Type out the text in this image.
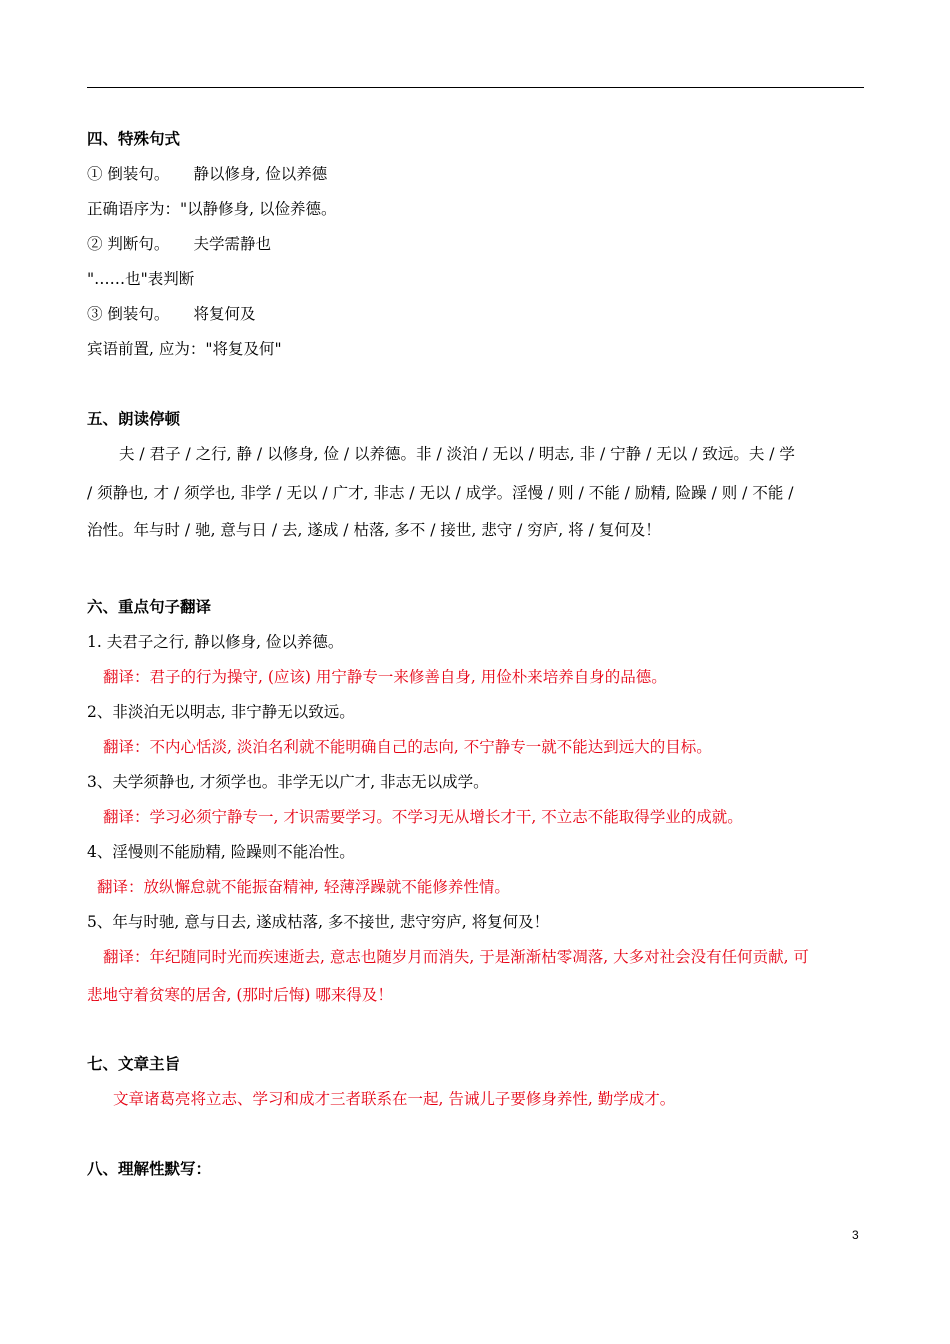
四、特殊句式
① 倒装句。 静以修身, 俭以养德
正确语序为："以静修身, 以俭养德。
② 判断句。 夫学需静也
"……也"表判断
③ 倒装句。 将复何及
宾语前置, 应为："将复及何"
五、朗读停顿
夫 / 君子 / 之行, 静 / 以修身, 俭 / 以养德。非 / 淡泊 / 无以 / 明志, 非 / 宁静 / 无以 / 致远。夫 / 学
/ 须静也, 才 / 须学也, 非学 / 无以 / 广才, 非志 / 无以 / 成学。淫慢 / 则 / 不能 / 励精, 险躁 / 则 / 不能 /
治性。年与时 / 驰, 意与日 / 去, 遂成 / 枯落, 多不 / 接世, 悲守 / 穷庐, 将 / 复何及！
六、重点句子翻译
1. 夫君子之行, 静以修身, 俭以养德。
翻译：君子的行为操守, (应该) 用宁静专一来修善自身, 用俭朴来培养自身的品德。
2、非淡泊无以明志, 非宁静无以致远。
翻译：不内心恬淡, 淡泊名利就不能明确自己的志向, 不宁静专一就不能达到远大的目标。
3、夫学须静也, 才须学也。非学无以广才, 非志无以成学。
翻译：学习必须宁静专一, 才识需要学习。不学习无从增长才干, 不立志不能取得学业的成就。
4、淫慢则不能励精, 险躁则不能冶性。
翻译：放纵懈怠就不能振奋精神, 轻薄浮躁就不能修养性情。
5、年与时驰, 意与日去, 遂成枯落, 多不接世, 悲守穷庐, 将复何及！
翻译：年纪随同时光而疾速逝去, 意志也随岁月而消失, 于是渐渐枯零凋落, 大多对社会没有任何贡献, 可
悲地守着贫寒的居舍, (那时后悔) 哪来得及！
七、文章主旨
文章诸葛亮将立志、学习和成才三者联系在一起, 告诫儿子要修身养性, 勤学成才。
八、理解性默写：
3
